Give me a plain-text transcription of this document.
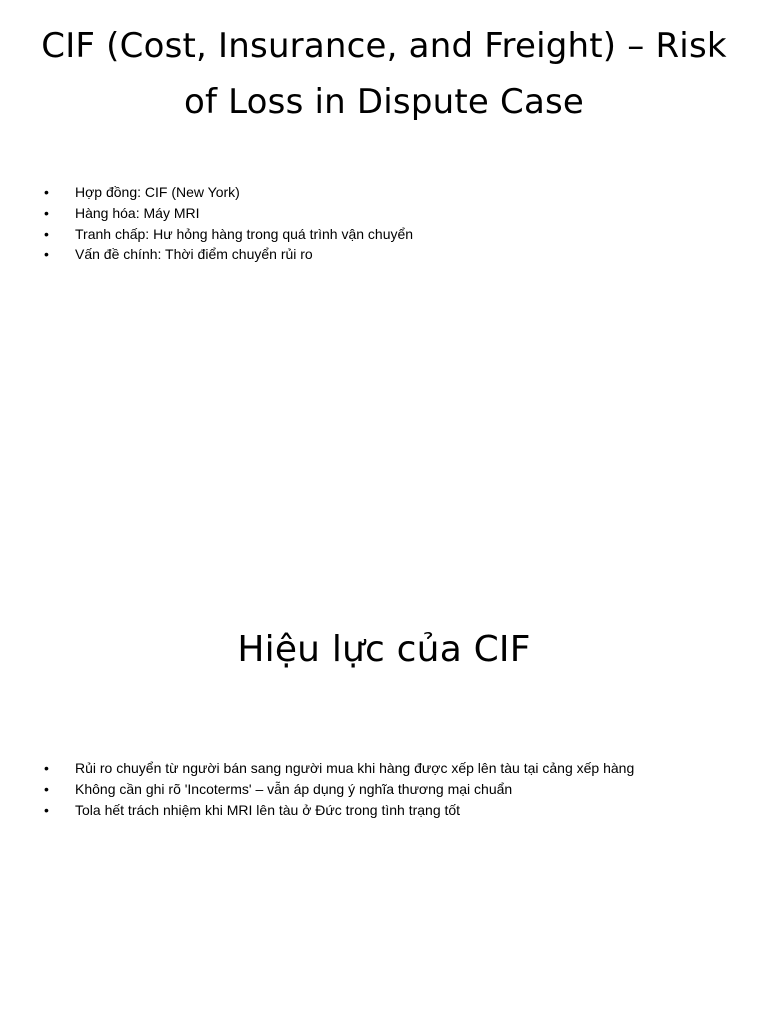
CIF (Cost, Insurance, and Freight) – Risk of Loss in Dispute Case
• Hợp đồng: CIF (New York)
• Hàng hóa: Máy MRI
• Tranh chấp: Hư hỏng hàng trong quá trình vận chuyển
• Vấn đề chính: Thời điểm chuyển rủi ro
Hiệu lực của CIF
• Rủi ro chuyển từ người bán sang người mua khi hàng được xếp lên tàu tại cảng xếp hàng
• Không cần ghi rõ 'Incoterms' – vẫn áp dụng ý nghĩa thương mại chuẩn
• Tola hết trách nhiệm khi MRI lên tàu ở Đức trong tình trạng tốt
